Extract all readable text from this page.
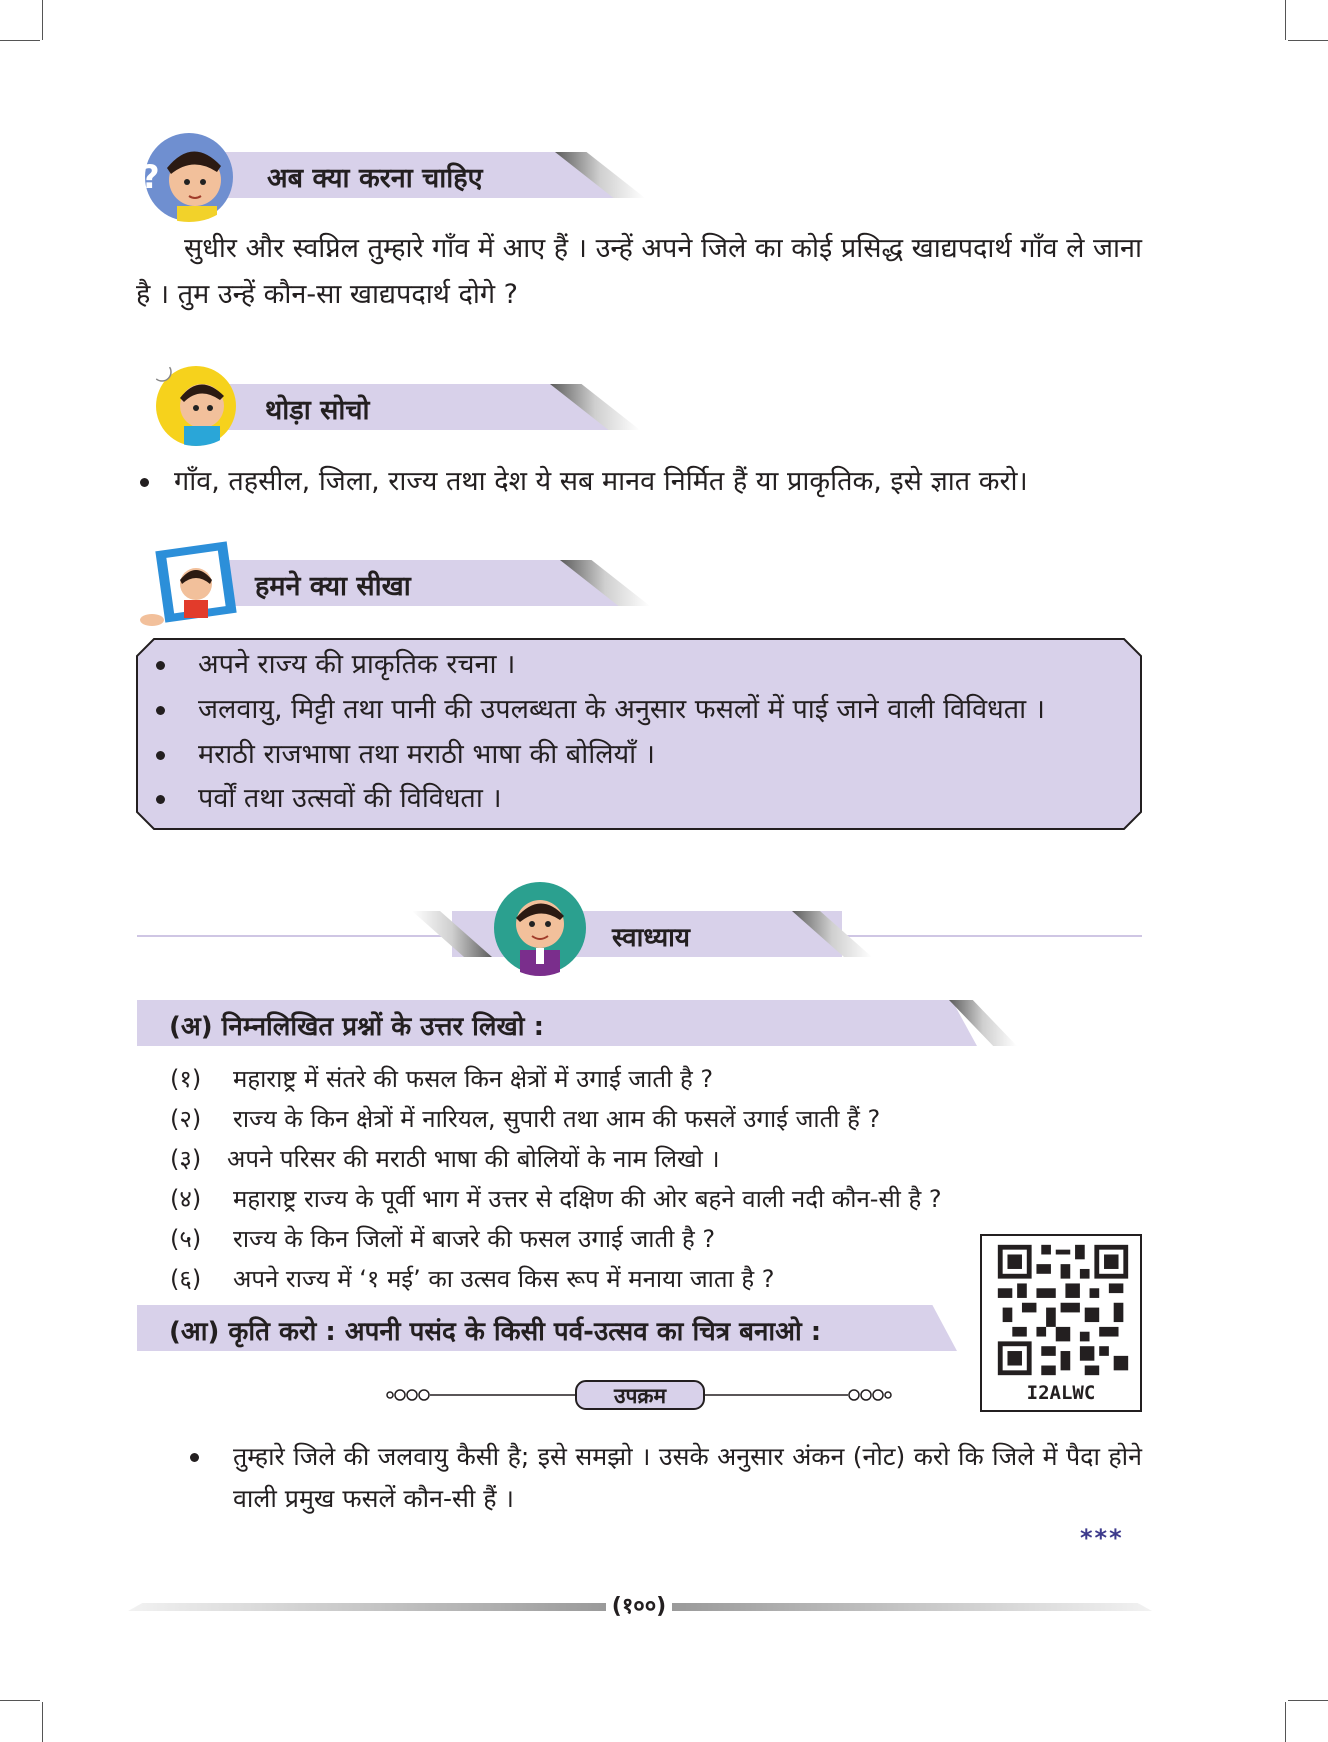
अब क्या करना चाहिए
?
सुधीर और स्वप्निल तुम्हारे गाँव में आए हैं । उन्हें अपने जिले का कोई प्रसिद्ध खाद्यपदार्थ गाँव ले जाना है । तुम उन्हें कौन-सा खाद्यपदार्थ दोगे ?
थोड़ा सोचो
गाँव, तहसील, जिला, राज्य तथा देश ये सब मानव निर्मित हैं या प्राकृतिक, इसे ज्ञात करो।
हमने क्या सीखा
अपने राज्य की प्राकृतिक रचना ।
जलवायु, मिट्टी तथा पानी की उपलब्धता के अनुसार फसलों में पाई जाने वाली विविधता ।
मराठी राजभाषा तथा मराठी भाषा की बोलियाँ ।
पर्वों तथा उत्सवों की विविधता ।
स्वाध्याय
(अ) निम्नलिखित प्रश्नों के उत्तर लिखो :
(१) महाराष्ट्र में संतरे की फसल किन क्षेत्रों में उगाई जाती है ?
(२) राज्य के किन क्षेत्रों में नारियल, सुपारी तथा आम की फसलें उगाई जाती हैं ?
(३) अपने परिसर की मराठी भाषा की बोलियों के नाम लिखो ।
(४) महाराष्ट्र राज्य के पूर्वी भाग में उत्तर से दक्षिण की ओर बहने वाली नदी कौन-सी है ?
(५) राज्य के किन जिलों में बाजरे की फसल उगाई जाती है ?
(६) अपने राज्य में ‘१ मई’ का उत्सव किस रूप में मनाया जाता है ?
(आ) कृति करो : अपनी पसंद के किसी पर्व-उत्सव का चित्र बनाओ :
I2ALWC
उपक्रम
तुम्हारे जिले की जलवायु कैसी है; इसे समझो । उसके अनुसार अंकन (नोट) करो कि जिले में पैदा होने वाली प्रमुख फसलें कौन-सी हैं ।
***
(१००)
